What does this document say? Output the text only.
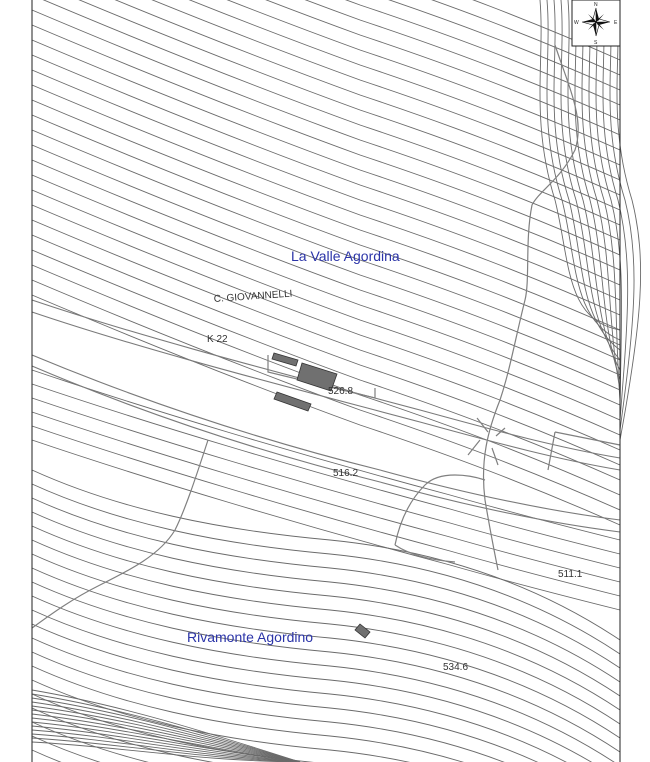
La Valle Agordina
Rivamonte Agordino
C. GIOVANNELLI
K 22
526.8
516.2
511.1
534.6
N
S
E
W
